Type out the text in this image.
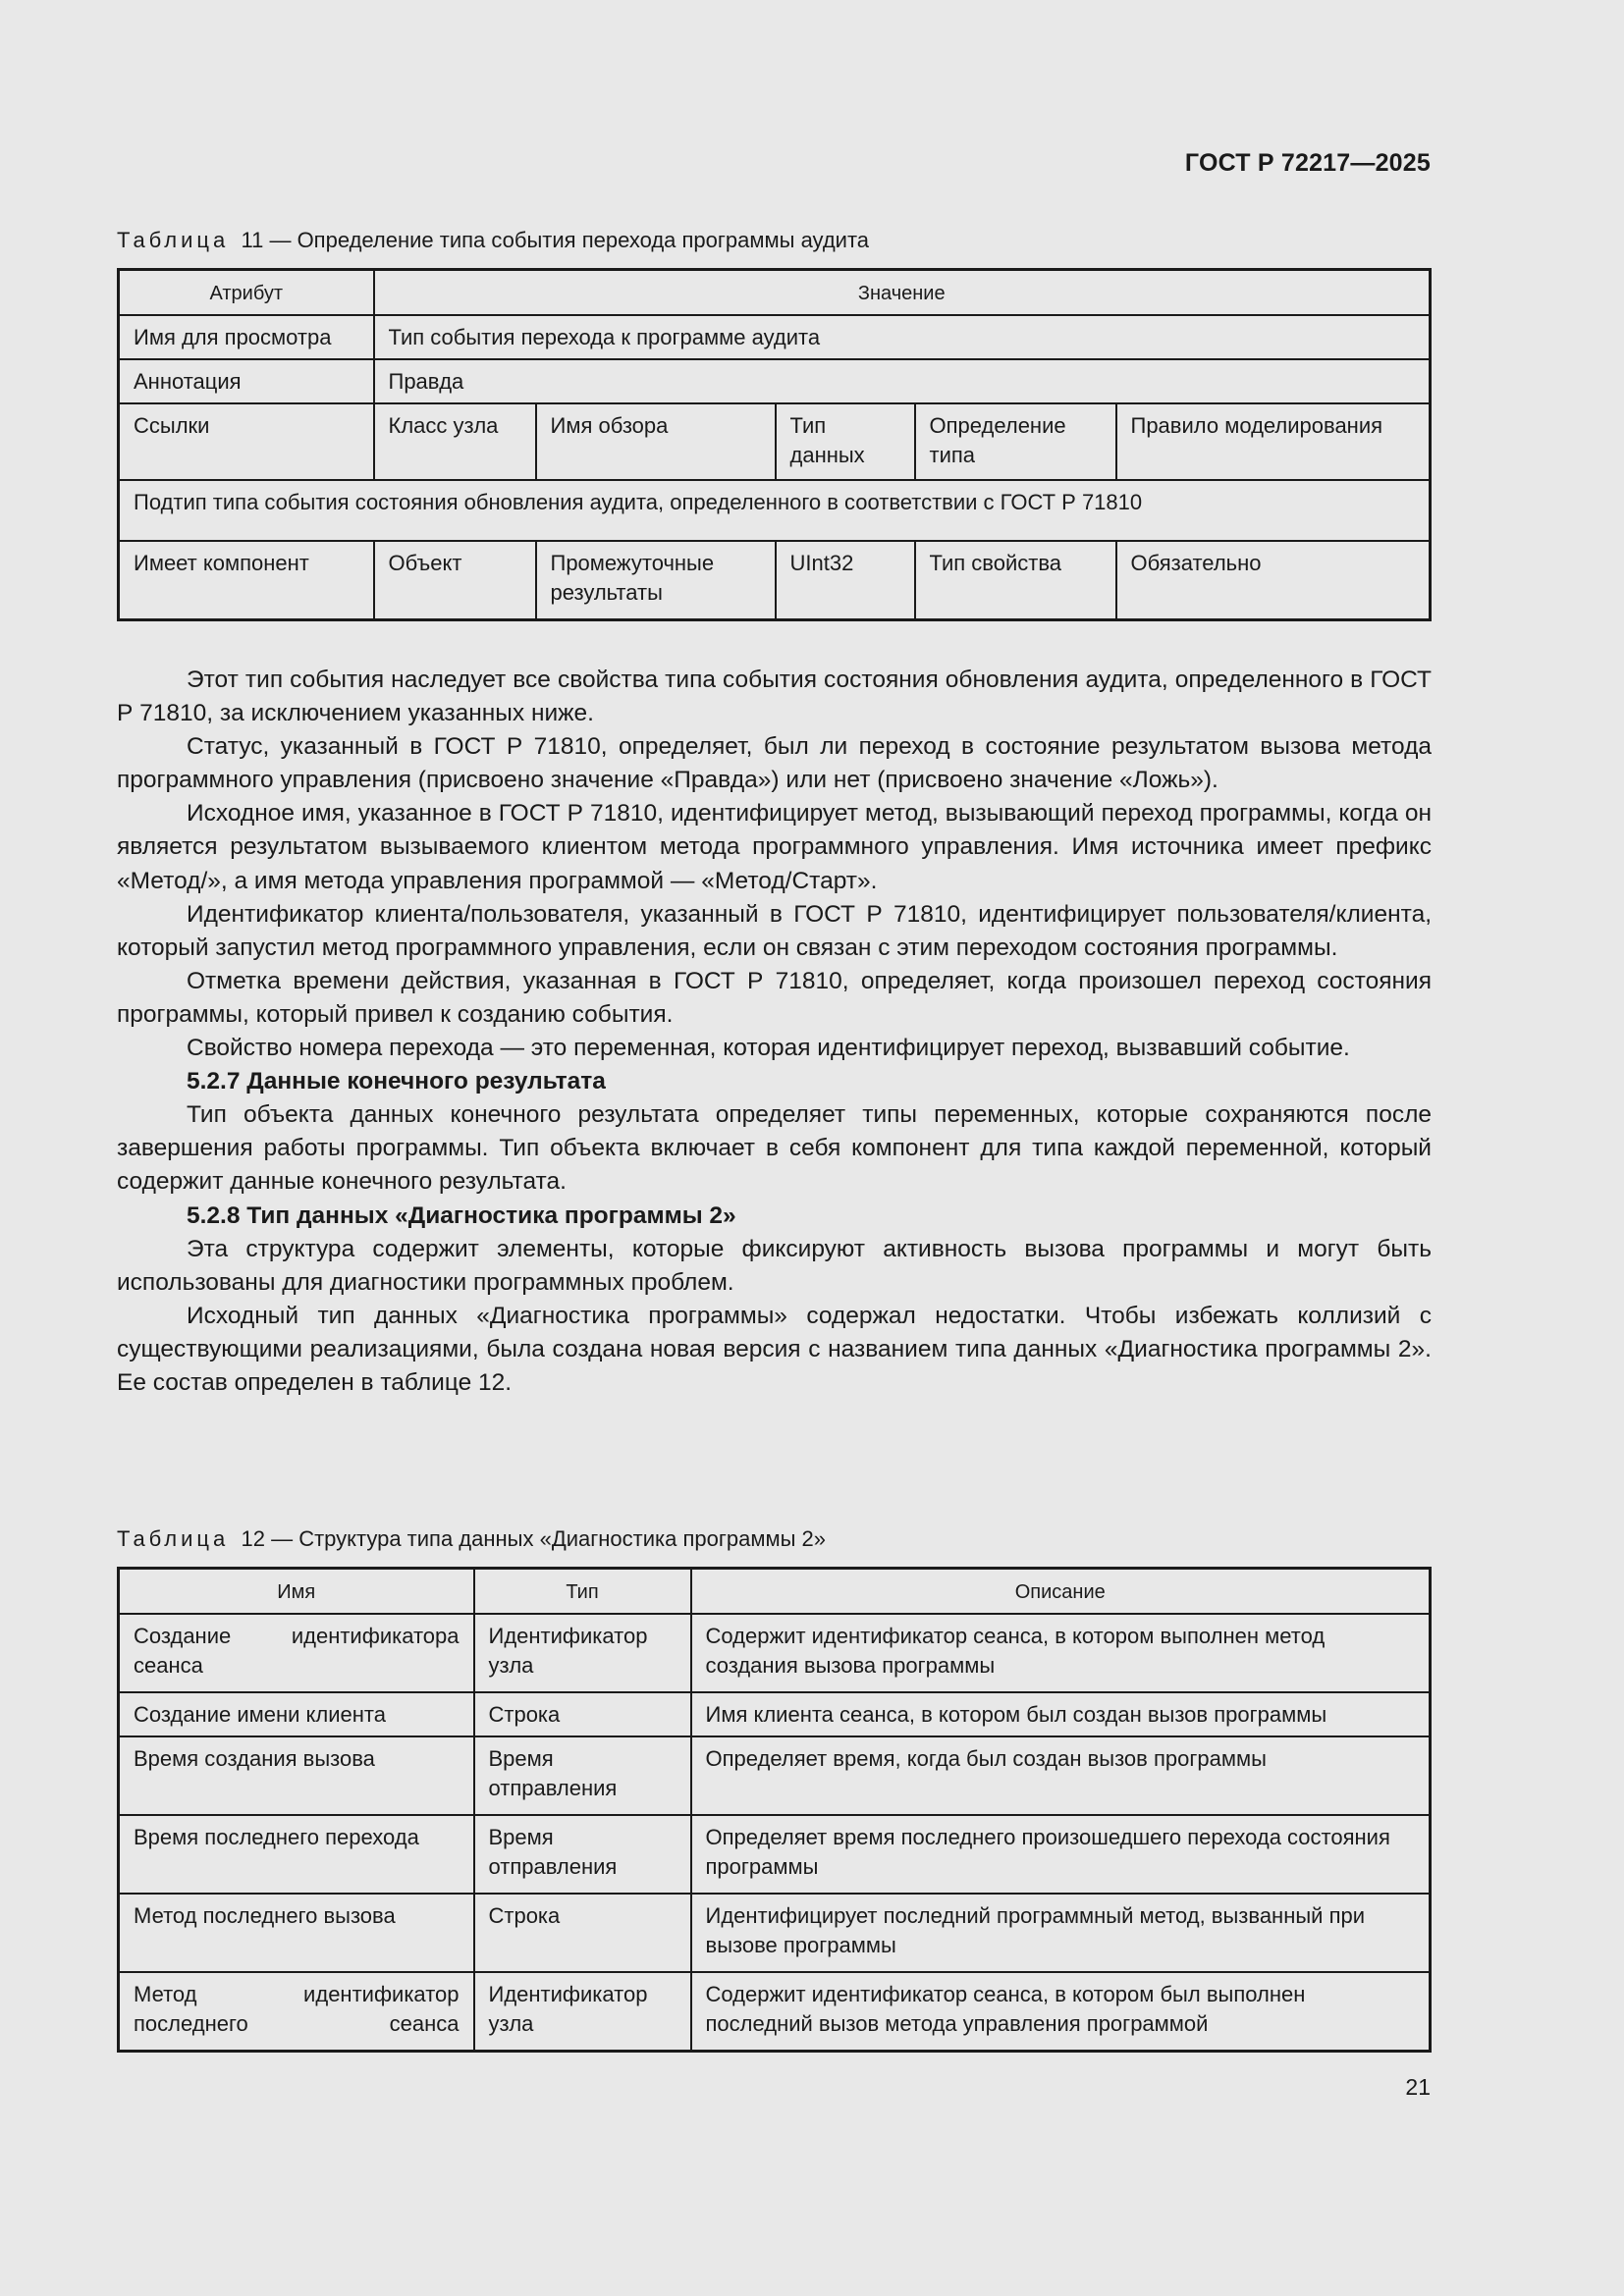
ГОСТ Р 72217—2025
Таблица 11 — Определение типа события перехода программы аудита
Атрибут	Значение				
Имя для просмотра	Тип события перехода к программе аудита				
Аннотация	Правда				
Ссылки	Класс узла	Имя обзора	Тип данных	Определение типа	Правило моделирования
Подтип типа события состояния обновления аудита, определенного в соответствии с ГОСТ Р 71810					
Имеет компонент	Объект	Промежуточные результаты	UInt32	Тип свойства	Обязательно

Этот тип события наследует все свойства типа события состояния обновления аудита, определенного в ГОСТ Р 71810, за исключением указанных ниже.

Статус, указанный в ГОСТ Р 71810, определяет, был ли переход в состояние результатом вызова метода программного управления (присвоено значение «Правда») или нет (присвоено значение «Ложь»).

Исходное имя, указанное в ГОСТ Р 71810, идентифицирует метод, вызывающий переход программы, когда он является результатом вызываемого клиентом метода программного управления. Имя источника имеет префикс «Метод/», а имя метода управления программой — «Метод/Старт».

Идентификатор клиента/пользователя, указанный в ГОСТ Р 71810, идентифицирует пользователя/клиента, который запустил метод программного управления, если он связан с этим переходом состояния программы.

Отметка времени действия, указанная в ГОСТ Р 71810, определяет, когда произошел переход состояния программы, который привел к созданию события.

Свойство номера перехода — это переменная, которая идентифицирует переход, вызвавший событие.

5.2.7 Данные конечного результата

Тип объекта данных конечного результата определяет типы переменных, которые сохраняются после завершения работы программы. Тип объекта включает в себя компонент для типа каждой переменной, который содержит данные конечного результата.

5.2.8 Тип данных «Диагностика программы 2»

Эта структура содержит элементы, которые фиксируют активность вызова программы и могут быть использованы для диагностики программных проблем.

Исходный тип данных «Диагностика программы» содержал недостатки. Чтобы избежать коллизий с существующими реализациями, была создана новая версия с названием типа данных «Диагностика программы 2». Ее состав определен в таблице 12.

Таблица 12 — Структура типа данных «Диагностика программы 2»
Имя	Тип	Описание
Создание идентификатора сеанса	Идентификатор узла	Содержит идентификатор сеанса, в котором выполнен метод создания вызова программы
Создание имени клиента	Строка	Имя клиента сеанса, в котором был создан вызов программы
Время создания вызова	Время отправления	Определяет время, когда был создан вызов программы
Время последнего перехода	Время отправления	Определяет время последнего произошедшего перехода состояния программы
Метод последнего вызова	Строка	Идентифицирует последний программный метод, вызванный при вызове программы
Метод идентификатор последнего сеанса	Идентификатор узла	Содержит идентификатор сеанса, в котором был выполнен последний вызов метода управления программой
21
